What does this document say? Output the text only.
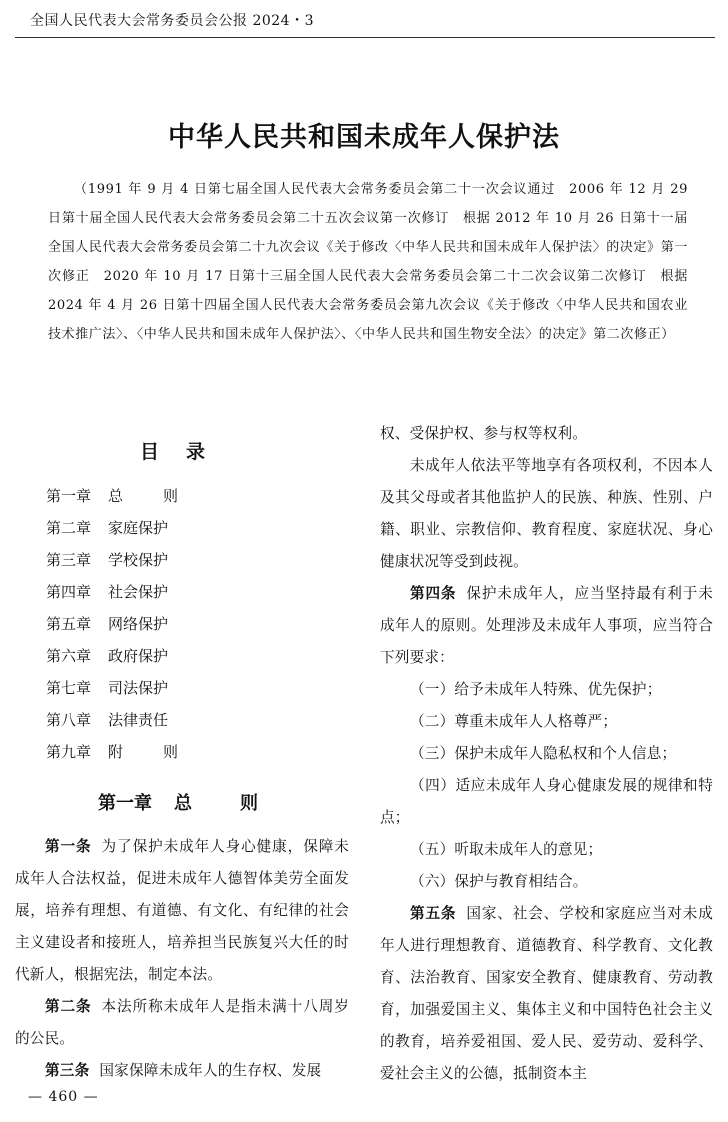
全国人民代表大会常务委员会公报 2024・3
中华人民共和国未成年人保护法

（1991 年 9 月 4 日第七届全国人民代表大会常务委员会第二十一次会议通过　2006 年 12 月 29 日第十届全国人民代表大会常务委员会第二十五次会议第一次修订　根据 2012 年 10 月 26 日第十一届全国人民代表大会常务委员会第二十九次会议《关于修改〈中华人民共和国未成年人保护法〉的决定》第一次修正　2020 年 10 月 17 日第十三届全国人民代表大会常务委员会第二十二次会议第二次修订　根据 2024 年 4 月 26 日第十四届全国人民代表大会常务委员会第九次会议《关于修改〈中华人民共和国农业技术推广法〉、〈中华人民共和国未成年人保护法〉、〈中华人民共和国生物安全法〉的决定》第二次修正）

目 录
第一章 总	则
第二章 家庭保护
第三章 学校保护
第四章 社会保护
第五章 网络保护
第六章 政府保护
第七章 司法保护
第八章 法律责任
第九章 附	则
第一章 总	则

第一条 为了保护未成年人身心健康，保障未成年人合法权益，促进未成年人德智体美劳全面发展，培养有理想、有道德、有文化、有纪律的社会主义建设者和接班人，培养担当民族复兴大任的时代新人，根据宪法，制定本法。

第二条 本法所称未成年人是指未满十八周岁的公民。

第三条 国家保障未成年人的生存权、发展

权、受保护权、参与权等权利。

未成年人依法平等地享有各项权利，不因本人及其父母或者其他监护人的民族、种族、性别、户籍、职业、宗教信仰、教育程度、家庭状况、身心健康状况等受到歧视。

第四条 保护未成年人，应当坚持最有利于未成年人的原则。处理涉及未成年人事项，应当符合下列要求：

（一）给予未成年人特殊、优先保护；

（二）尊重未成年人人格尊严；

（三）保护未成年人隐私权和个人信息；

（四）适应未成年人身心健康发展的规律和特点；

（五）听取未成年人的意见；

（六）保护与教育相结合。

第五条 国家、社会、学校和家庭应当对未成年人进行理想教育、道德教育、科学教育、文化教育、法治教育、国家安全教育、健康教育、劳动教育，加强爱国主义、集体主义和中国特色社会主义的教育，培养爱祖国、爱人民、爱劳动、爱科学、爱社会主义的公德，抵制资本主

— 460 —
